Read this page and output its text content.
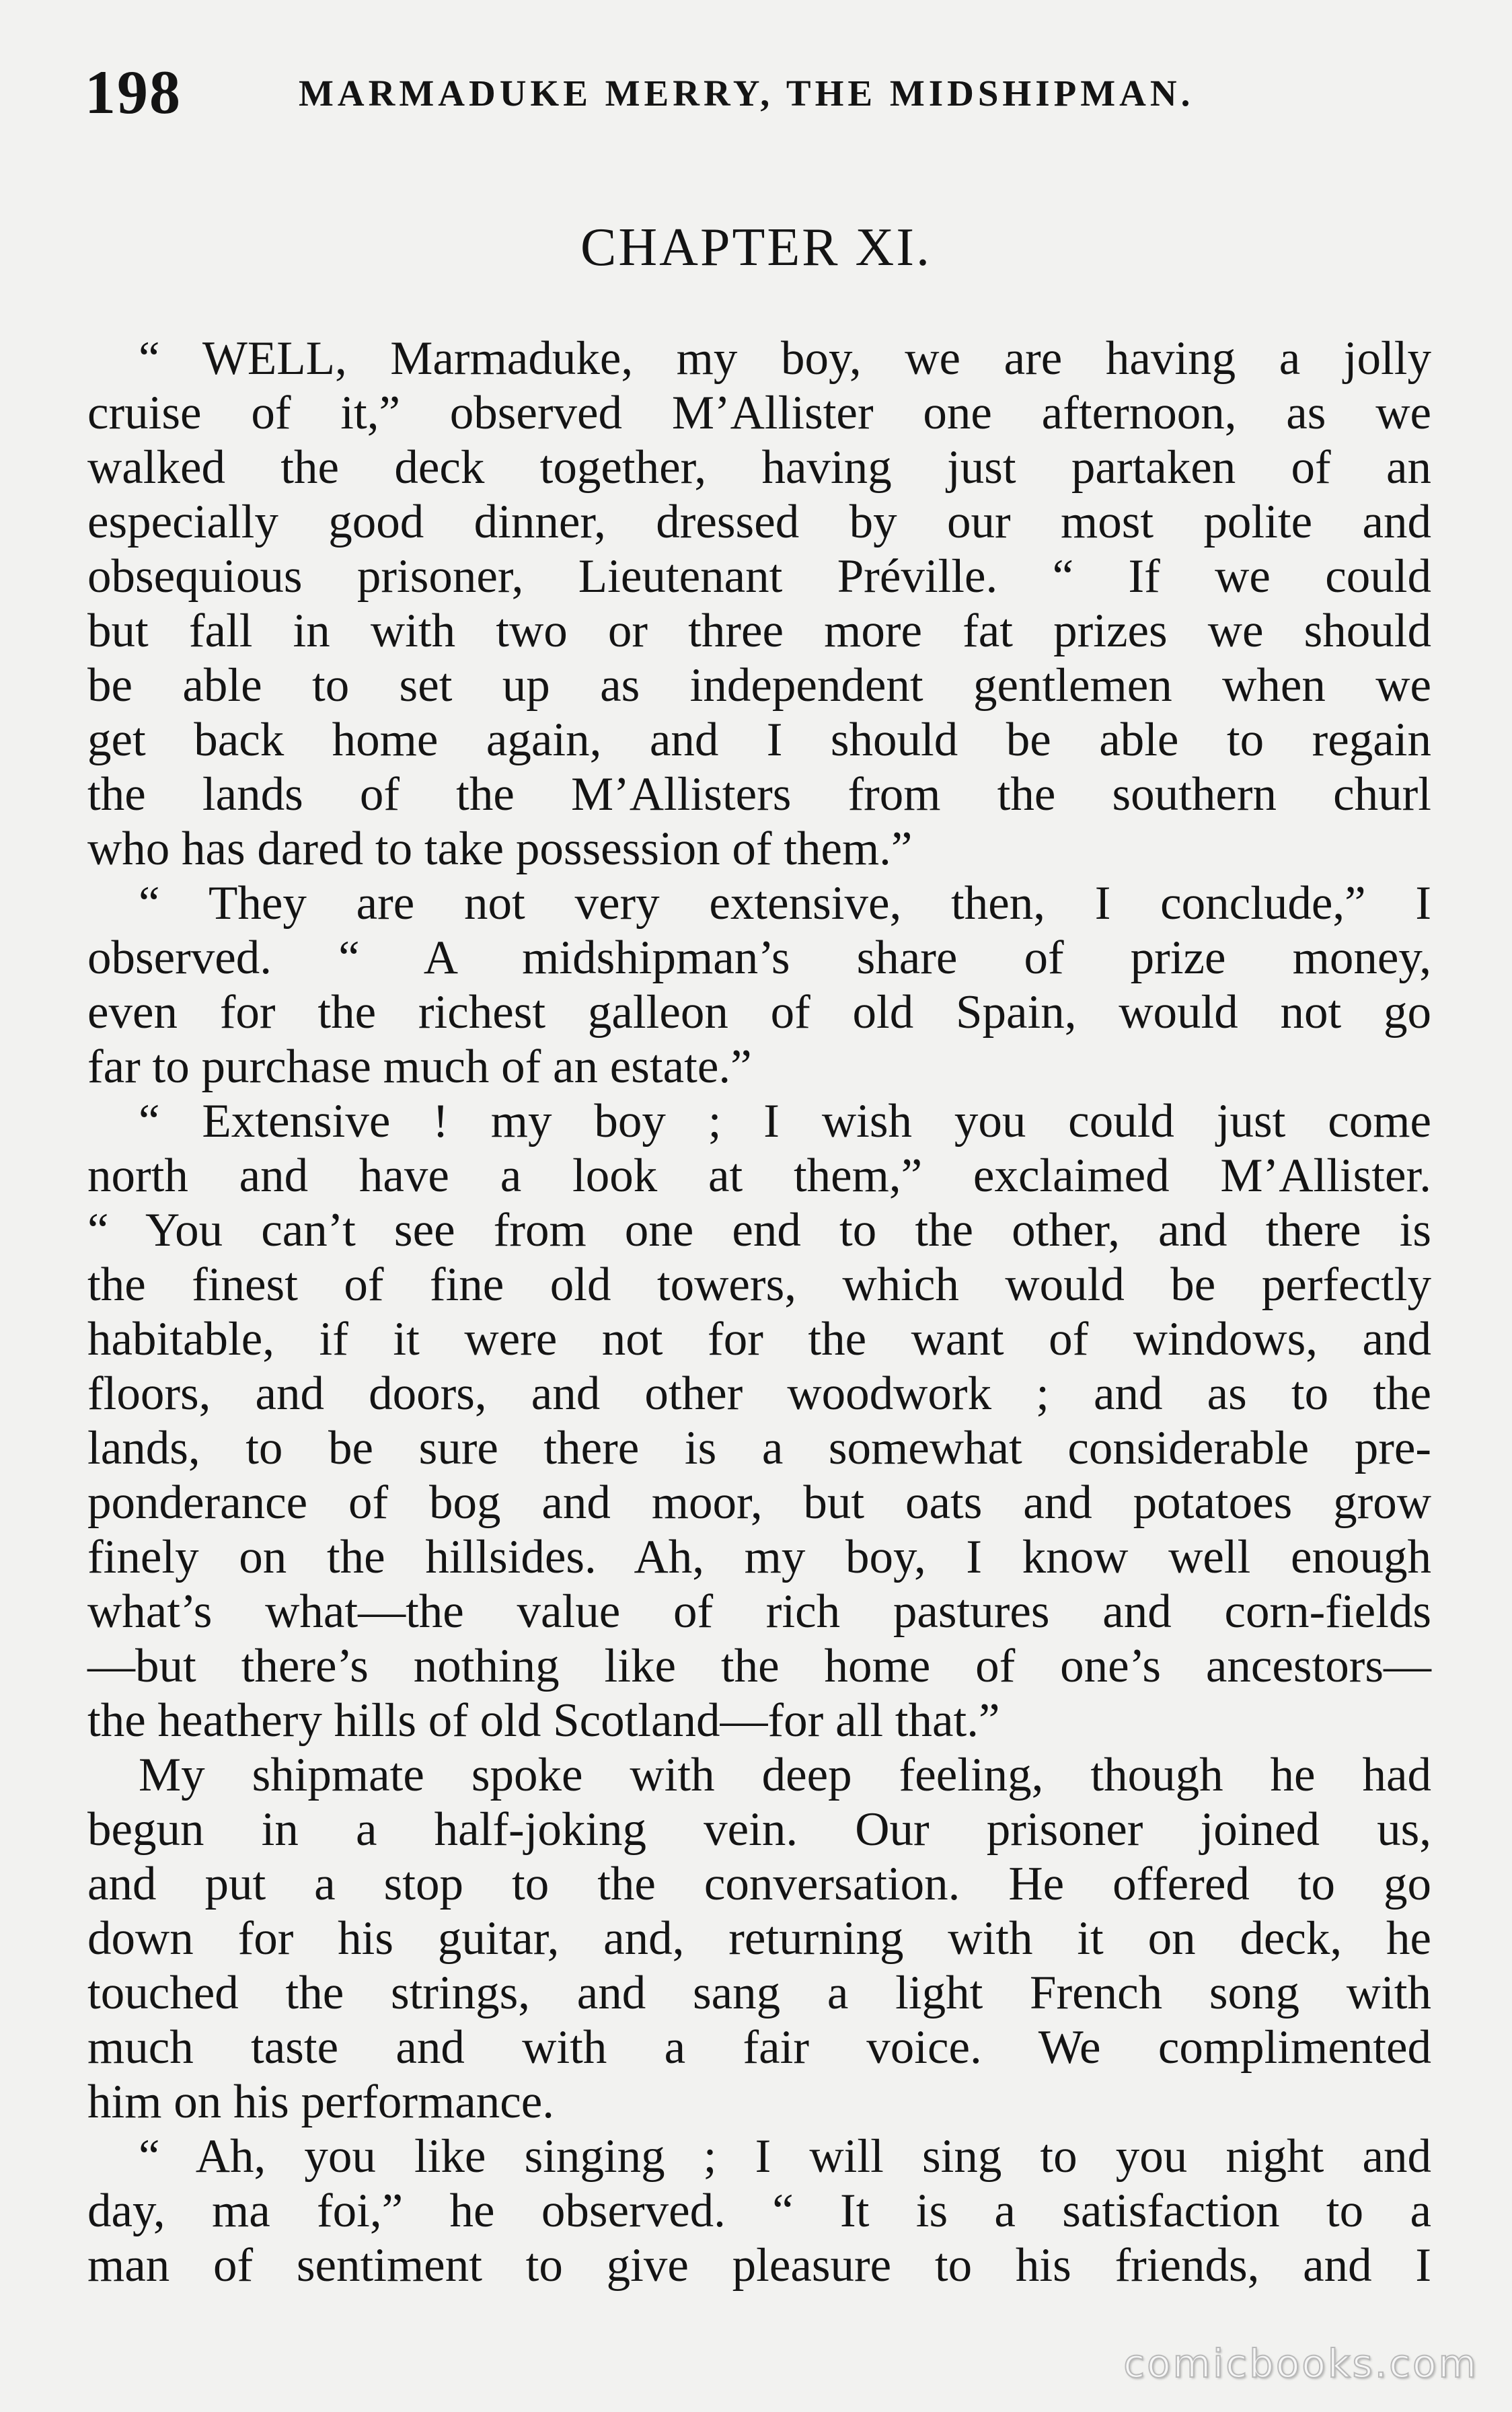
198	MARMADUKE MERRY, THE MIDSHIPMAN.
CHAPTER XI.
“ WELL, Marmaduke, my boy, we are having a jolly
cruise of it,” observed M’Allister one afternoon, as we
walked the deck together, having just partaken of an
especially good dinner, dressed by our most polite and
obsequious prisoner, Lieutenant Préville. “ If we could
but fall in with two or three more fat prizes we should
be able to set up as independent gentlemen when we
get back home again, and I should be able to regain
the lands of the M’Allisters from the southern churl
who has dared to take possession of them.”
“ They are not very extensive, then, I conclude,” I
observed. “ A midshipman’s share of prize money,
even for the richest galleon of old Spain, would not go
far to purchase much of an estate.”
“ Extensive ! my boy ; I wish you could just come
north and have a look at them,” exclaimed M’Allister.
“ You can’t see from one end to the other, and there is
the finest of fine old towers, which would be perfectly
habitable, if it were not for the want of windows, and
floors, and doors, and other woodwork ; and as to the
lands, to be sure there is a somewhat considerable pre-
ponderance of bog and moor, but oats and potatoes grow
finely on the hillsides. Ah, my boy, I know well enough
what’s what—the value of rich pastures and corn-fields
—but there’s nothing like the home of one’s ancestors—
the heathery hills of old Scotland—for all that.”
My shipmate spoke with deep feeling, though he had
begun in a half-joking vein. Our prisoner joined us,
and put a stop to the conversation. He offered to go
down for his guitar, and, returning with it on deck, he
touched the strings, and sang a light French song with
much taste and with a fair voice. We complimented
him on his performance.
“ Ah, you like singing ; I will sing to you night and
day, ma foi,” he observed. “ It is a satisfaction to a
man of sentiment to give pleasure to his friends, and I
comicbooks.com
